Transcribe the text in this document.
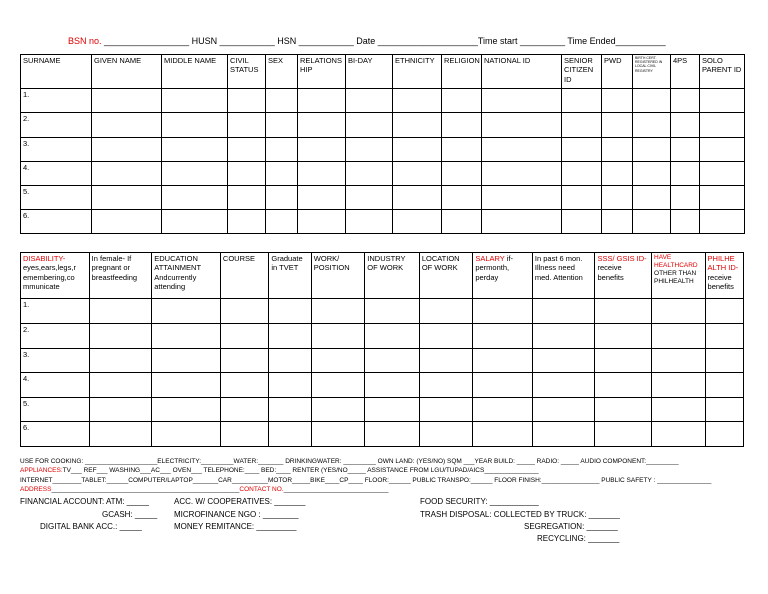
BSN no. _________________ HUSN ___________ HSN ___________ Date ____________________Time start _________ Time Ended__________
SURNAME	GIVEN NAME	MIDDLE NAME	CIVIL STATUS	SEX	RELATIONS HIP	BI-DAY	ETHNICITY	RELIGION	NATIONAL ID	SENIOR CITIZEN ID	PWD	BIRTH CERT. REGISTERED IN LOCAL CIVIL REGISTRY	4PS	SOLO PARENT ID
1.														
2.														
3.														
4.														
5.														
6.														
DISABILITY-
eyes,ears,legs,r emembering,co mmunicate	In female- If pregnant or breastfeeding	EDUCATION ATTAINMENT Andcurrently attending	COURSE	Graduate in TVET	WORK/ POSITION	INDUSTRY OF WORK	LOCATION OF WORK	SALARY if- permonth, perday	In past 6 mon. Illness need med. Attention	SSS/ GSIS ID-receive benefits	HAVE HEALTHCARD OTHER THAN PHILHEALTH	PHILHE ALTH ID-receive benefits
1.												
2.												
3.												
4.												
5.												
6.												
USE FOR COOKING: ____________________ELECTRICITY:_________WATER:_______ DRINKINGWATER: _________ OWN LAND: (YES/NO) SQM ___YEAR BUILD: _____ RADIO: _____ AUDIO COMPONENT:_________
APPLIANCES:TV___ REF___ WASHING___AC___ OVEN___ TELEPHONE:____ BED:____ RENTER (YES/NO_____ ASSISTANCE FROM LGU/TUPAD/AICS_______________
INTERNET________TABLET:______COMPUTER/LAPTOP_______CAR__________MOTOR_____BIKE____CP____ FLOOR:______ PUBLIC TRANSPO:______ FLOOR FINISH:________________ PUBLIC SAFETY : _______________
ADDRESS____________________________________________________CONTACT NO._____________________________
FINANCIAL ACCOUNT: ATM: _____
GCASH: _____
DIGITAL BANK ACC.: _____
ACC. W/ COOPERATIVES: _______
MICROFINANCE NGO : ________
MONEY REMITANCE: _________
FOOD SECURITY: ___________
TRASH DISPOSAL: COLLECTED BY TRUCK: _______
SEGREGATION: _______
RECYCLING: _______
